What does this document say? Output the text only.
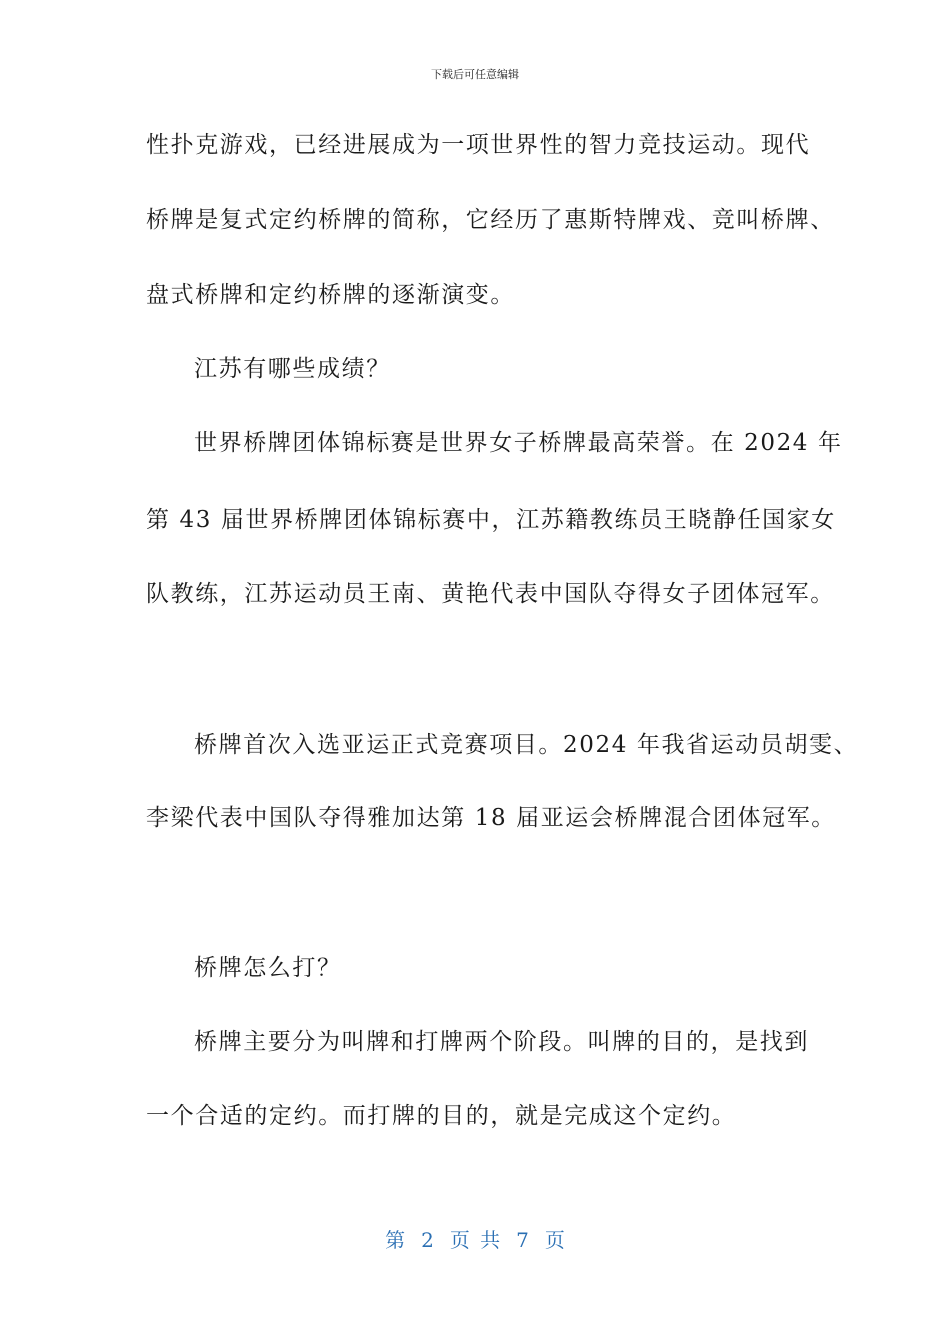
下载后可任意编辑
性扑克游戏，已经进展成为一项世界性的智力竞技运动。现代
桥牌是复式定约桥牌的简称，它经历了惠斯特牌戏、竞叫桥牌、
盘式桥牌和定约桥牌的逐渐演变。
江苏有哪些成绩？
世界桥牌团体锦标赛是世界女子桥牌最高荣誉。在 2024 年
第 43 届世界桥牌团体锦标赛中，江苏籍教练员王晓静任国家女
队教练，江苏运动员王南、黄艳代表中国队夺得女子团体冠军。
桥牌首次入选亚运正式竞赛项目。2024 年我省运动员胡雯、
李梁代表中国队夺得雅加达第 18 届亚运会桥牌混合团体冠军。
桥牌怎么打？
桥牌主要分为叫牌和打牌两个阶段。叫牌的目的，是找到
一个合适的定约。而打牌的目的，就是完成这个定约。
第 2 页 共 7 页
